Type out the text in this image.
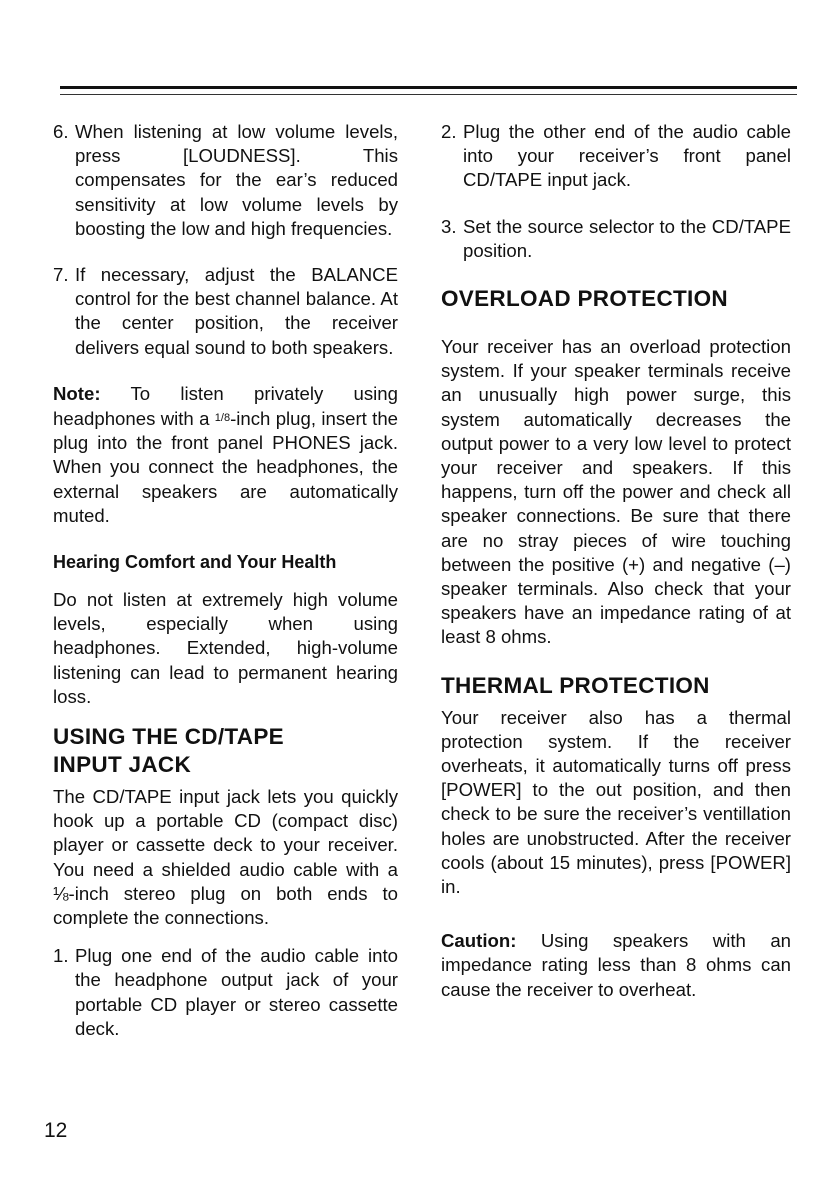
6. When listening at low volume levels, press [LOUDNESS]. This compensates for the ear’s reduced sensitivity at low volume levels by boosting the low and high frequencies.
7. If necessary, adjust the BALANCE control for the best channel balance. At the center position, the receiver delivers equal sound to both speakers.

Note: To listen privately using headphones with a $^{1/8}$-inch plug, insert the plug into the front panel PHONES jack. When you connect the headphones, the external speakers are automatically muted.

Hearing Comfort and Your Health

Do not listen at extremely high volume levels, especially when using headphones. Extended, high-volume listening can lead to permanent hearing loss.

USING THE CD/TAPE
INPUT JACK

The CD/TAPE input jack lets you quickly hook up a portable CD (compact disc) player or cassette deck to your receiver. You need a shielded audio cable with a ⅛-inch stereo plug on both ends to complete the connections.

1. Plug one end of the audio cable into the headphone output jack of your portable CD player or stereo cassette deck.
2. Plug the other end of the audio cable into your receiver’s front panel CD/TAPE input jack.
3. Set the source selector to the CD/TAPE position.
OVERLOAD PROTECTION

Your receiver has an overload protection system. If your speaker terminals receive an unusually high power surge, this system automatically decreases the output power to a very low level to protect your receiver and speakers. If this happens, turn off the power and check all speaker connections. Be sure that there are no stray pieces of wire touching between the positive (+) and negative (–) speaker terminals. Also check that your speakers have an impedance rating of at least 8 ohms.

THERMAL PROTECTION

Your receiver also has a thermal protection system. If the receiver overheats, it automatically turns off press [POWER] to the out position, and then check to be sure the receiver’s ventillation holes are unobstructed. After the receiver cools (about 15 minutes), press [POWER] in.

Caution: Using speakers with an impedance rating less than 8 ohms can cause the receiver to overheat.

12
